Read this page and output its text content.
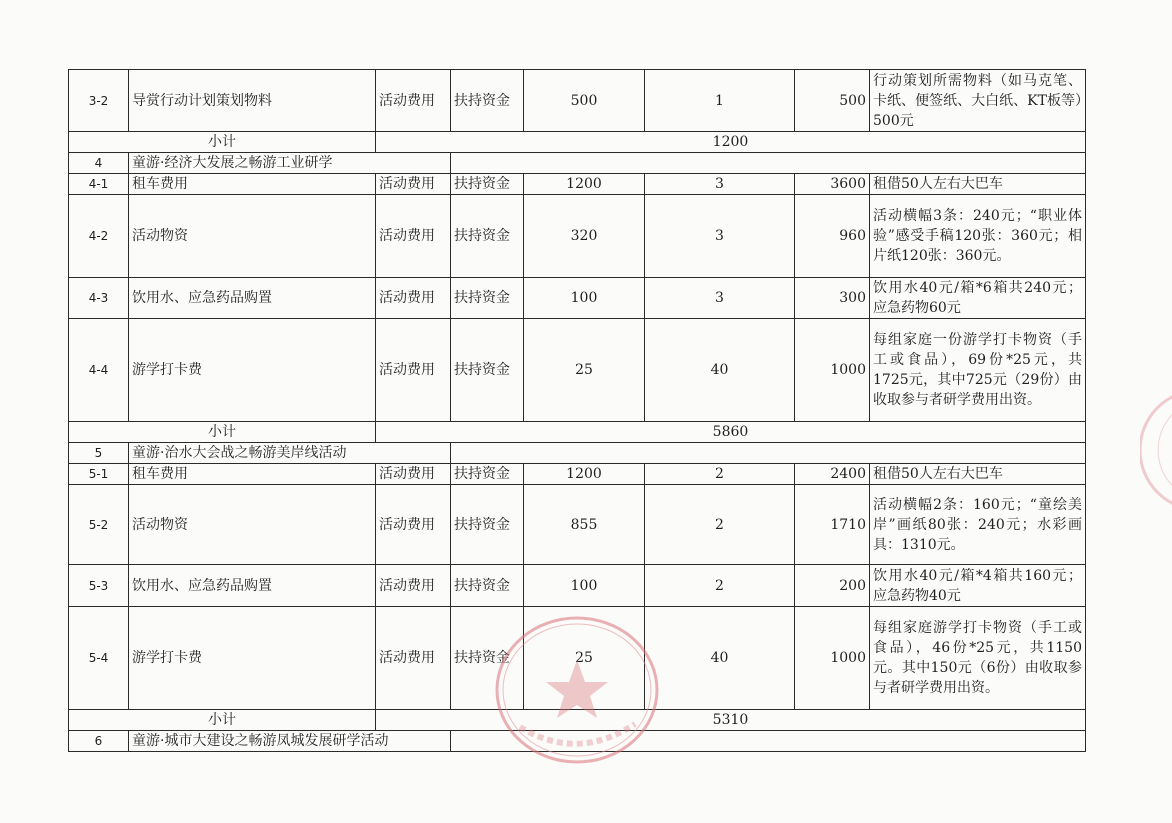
3-2	导赏行动计划策划物料	活动费用	扶持资金	500	1	500	行动策划所需物料（如马克笔、卡纸、便签纸、大白纸、KT板等）500元
小计		1200					
4	童游·经济大发展之畅游工业研学						
4-1	租车费用	活动费用	扶持资金	1200	3	3600	租借50人左右大巴车
4-2	活动物资	活动费用	扶持资金	320	3	960	活动横幅3条：240元；“职业体验”感受手稿120张：360元；相片纸120张：360元。
4-3	饮用水、应急药品购置	活动费用	扶持资金	100	3	300	饮用水40元/箱*6箱共240元； 应急药物60元
4-4	游学打卡费	活动费用	扶持资金	25	40	1000	每组家庭一份游学打卡物资（手工或食品），69份*25元，共1725元，其中725元（29份）由收取参与者研学费用出资。
小计		5860					
5	童游·治水大会战之畅游美岸线活动						
5-1	租车费用	活动费用	扶持资金	1200	2	2400	租借50人左右大巴车
5-2	活动物资	活动费用	扶持资金	855	2	1710	活动横幅2条：160元；“童绘美岸”画纸80张：240元；水彩画具：1310元。
5-3	饮用水、应急药品购置	活动费用	扶持资金	100	2	200	饮用水40元/箱*4箱共160元； 应急药物40元
5-4	游学打卡费	活动费用	扶持资金	25	40	1000	每组家庭游学打卡物资（手工或食品），46份*25元，共1150元。其中150元（6份）由收取参与者研学费用出资。
小计		5310					
6	童游·城市大建设之畅游凤城发展研学活动						
